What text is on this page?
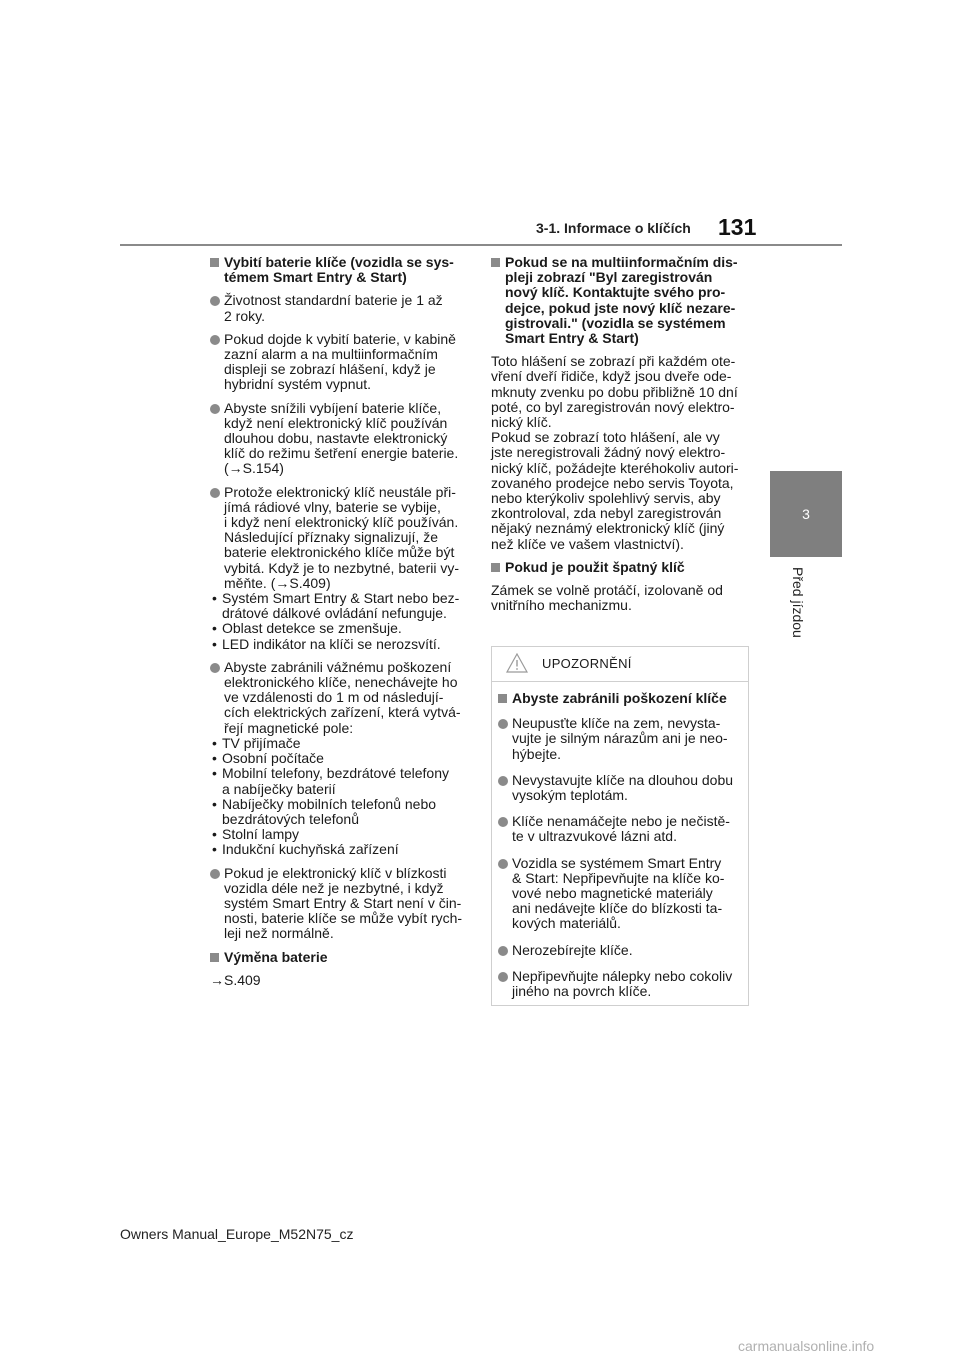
3-1. Informace o klíčích 131
3
Před jízdou
Vybití baterie klíče (vozidla se sys-
témem Smart Entry & Start)
Životnost standardní baterie je 1 až
2 roky.
Pokud dojde k vybití baterie, v kabině
zazní alarm a na multiinformačním
displeji se zobrazí hlášení, když je
hybridní systém vypnut.
Abyste snížili vybíjení baterie klíče,
když není elektronický klíč používán
dlouhou dobu, nastavte elektronický
klíč do režimu šetření energie baterie.
(→S.154)
Protože elektronický klíč neustále při-
jímá rádiové vlny, baterie se vybije,
i když není elektronický klíč používán.
Následující příznaky signalizují, že
baterie elektronického klíče může být
vybitá. Když je to nezbytné, baterii vy-
měňte. (→S.409)
• Systém Smart Entry & Start nebo bez-
drátové dálkové ovládání nefunguje.
• Oblast detekce se zmenšuje.
• LED indikátor na klíči se nerozsvítí.
Abyste zabránili vážnému poškození
elektronického klíče, nenechávejte ho
ve vzdálenosti do 1 m od následují-
cích elektrických zařízení, která vytvá-
řejí magnetické pole:
• TV přijímače
• Osobní počítače
• Mobilní telefony, bezdrátové telefony
a nabíječky baterií
• Nabíječky mobilních telefonů nebo
bezdrátových telefonů
• Stolní lampy
• Indukční kuchyňská zařízení
Pokud je elektronický klíč v blízkosti
vozidla déle než je nezbytné, i když
systém Smart Entry & Start není v čin-
nosti, baterie klíče se může vybít rych-
leji než normálně.
Výměna baterie
→S.409
Pokud se na multiinformačním dis-
pleji zobrazí "Byl zaregistrován
nový klíč. Kontaktujte svého pro-
dejce, pokud jste nový klíč nezare-
gistrovali." (vozidla se systémem
Smart Entry & Start)
Toto hlášení se zobrazí při každém ote-
vření dveří řidiče, když jsou dveře ode-
mknuty zvenku po dobu přibližně 10 dní
poté, co byl zaregistrován nový elektro-
nický klíč.
Pokud se zobrazí toto hlášení, ale vy
jste neregistrovali žádný nový elektro-
nický klíč, požádejte kteréhokoliv autori-
zovaného prodejce nebo servis Toyota,
nebo kterýkoliv spolehlivý servis, aby
zkontroloval, zda nebyl zaregistrován
nějaký neznámý elektronický klíč (jiný
než klíče ve vašem vlastnictví).
Pokud je použit špatný klíč
Zámek se volně protáčí, izolovaně od
vnitřního mechanizmu.
UPOZORNĚNÍ
Abyste zabránili poškození klíče
Neupusťte klíče na zem, nevysta-
vujte je silným nárazům ani je neo-
hýbejte.
Nevystavujte klíče na dlouhou dobu
vysokým teplotám.
Klíče nenamáčejte nebo je nečistě-
te v ultrazvukové lázni atd.
Vozidla se systémem Smart Entry
& Start: Nepřipevňujte na klíče ko-
vové nebo magnetické materiály
ani nedávejte klíče do blízkosti ta-
kových materiálů.
Nerozebírejte klíče.
Nepřipevňujte nálepky nebo cokoliv
jiného na povrch klíče.
Owners Manual_Europe_M52N75_cz
carmanualsonline.info
